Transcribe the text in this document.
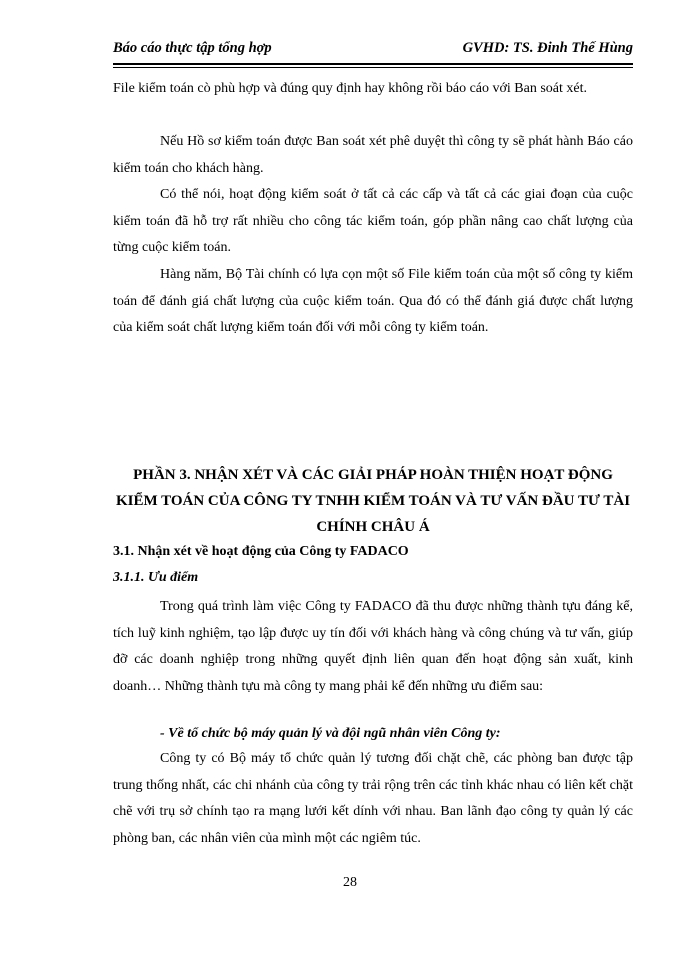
Báo cáo thực tập tổng hợp	GVHD: TS. Đinh Thế Hùng
File kiểm toán cò phù hợp và đúng quy định hay không rồi báo cáo với Ban soát xét.
Nếu Hồ sơ kiểm toán được Ban soát xét phê duyệt thì công ty sẽ phát hành Báo cáo kiểm toán cho khách hàng.
Có thể nói, hoạt động kiểm soát ở tất cả các cấp và tất cả các giai đoạn của cuộc kiểm toán đã hỗ trợ rất nhiều cho công tác kiểm toán, góp phần nâng cao chất lượng của từng cuộc kiểm toán.
Hàng năm, Bộ Tài chính có lựa cọn một số File kiểm toán của một số công ty kiểm toán để đánh giá chất lượng của cuộc kiểm toán. Qua đó có thể đánh giá được chất lượng của kiểm soát chất lượng kiểm toán đối với mỗi công ty kiểm toán.
PHẦN 3. NHẬN XÉT VÀ CÁC GIẢI PHÁP HOÀN THIỆN HOẠT ĐỘNG KIỂM TOÁN CỦA CÔNG TY TNHH KIỂM TOÁN VÀ TƯ VẤN ĐẦU TƯ TÀI CHÍNH CHÂU Á
3.1. Nhận xét về hoạt động của Công ty FADACO
3.1.1. Ưu điểm
Trong quá trình làm việc Công ty FADACO đã thu được những thành tựu đáng kể, tích luỹ kinh nghiệm, tạo lập được uy tín đối với khách hàng và công chúng và tư vấn, giúp đỡ các doanh nghiệp trong những quyết định liên quan đến hoạt động sản xuất, kinh doanh… Những thành tựu mà công ty mang phải kể đến những ưu điểm sau:
- Về tổ chức bộ máy quản lý và đội ngũ nhân viên Công ty:
Công ty có Bộ máy tổ chức quản lý tương đối chặt chẽ, các phòng ban được tập trung thống nhất, các chi nhánh của công ty trải rộng trên các tỉnh khác nhau có liên kết chặt chẽ với trụ sở chính tạo ra mạng lưới kết dính với nhau. Ban lãnh đạo công ty quản lý các phòng ban, các nhân viên của mình một các ngiêm túc.
28
